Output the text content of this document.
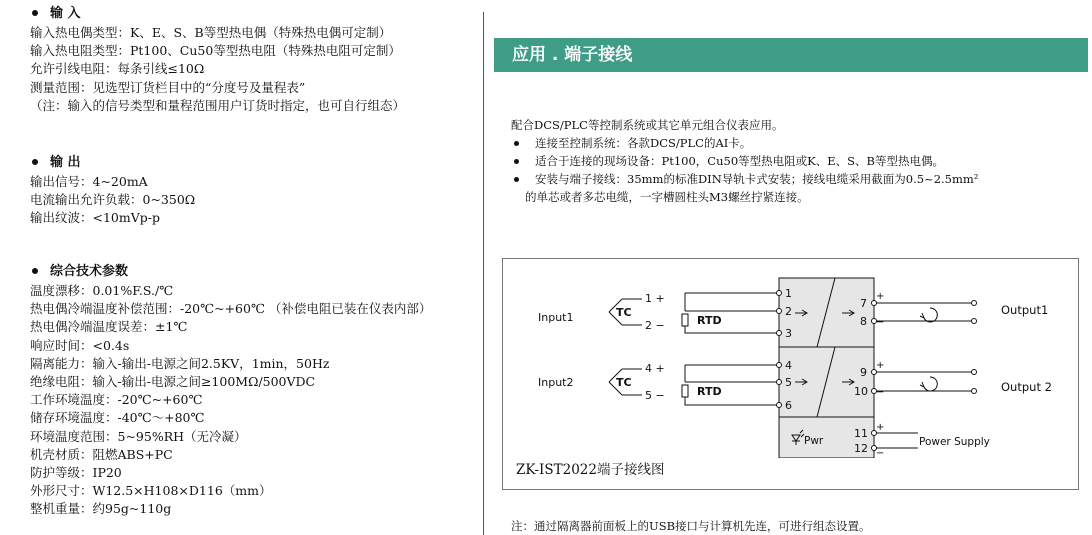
输 入
输入热电偶类型：K、E、S、B等型热电偶（特殊热电偶可定制）
输入热电阻类型：Pt100、Cu50等型热电阻（特殊热电阻可定制）
允许引线电阻：每条引线≤10Ω
测量范围：见选型订货栏目中的“分度号及量程表”
（注：输入的信号类型和量程范围用户订货时指定，也可自行组态）
输 出
输出信号：4~20mA
电流输出允许负载：0~350Ω
输出纹波：<10mVp-p
综合技术参数
温度漂移：0.01%F.S./℃
热电偶冷端温度补偿范围：-20℃~+60℃ （补偿电阻已装在仪表内部）
热电偶冷端温度误差：±1℃
响应时间：<0.4s
隔离能力：输入-输出-电源之间2.5KV，1min，50Hz
绝缘电阻：输入-输出-电源之间≥100MΩ/500VDC
工作环境温度：-20℃~+60℃
储存环境温度：-40℃～+80℃
环境温度范围：5~95%RH（无冷凝）
机壳材质：阻燃ABS+PC
防护等级：IP20
外形尺寸：W12.5×H108×D116（mm）
整机重量：约95g~110g
应用 . 端子接线
配合DCS/PLC等控制系统或其它单元组合仪表应用。
连接至控制系统：各款DCS/PLC的AI卡。
适合于连接的现场设备：Pt100，Cu50等型热电阻或K、E、S、B等型热电偶。
安装与端子接线：35mm的标准DIN导轨卡式安装；接线电缆采用截面为0.5~2.5mm²
的单芯或者多芯电缆，一字槽圆柱头M3螺丝拧紧连接。
Input1
Input2
TC
TC
1 +
2 −
4 +
5 −
RTD
RTD
1
2
3
4
5
6
7
8
9
10
11
12
+
−
+
−
+
−
Output1
Output 2
Power Supply
Pwr
ZK-IST2022端子接线图
注：通过隔离器前面板上的USB接口与计算机先连，可进行组态设置。
